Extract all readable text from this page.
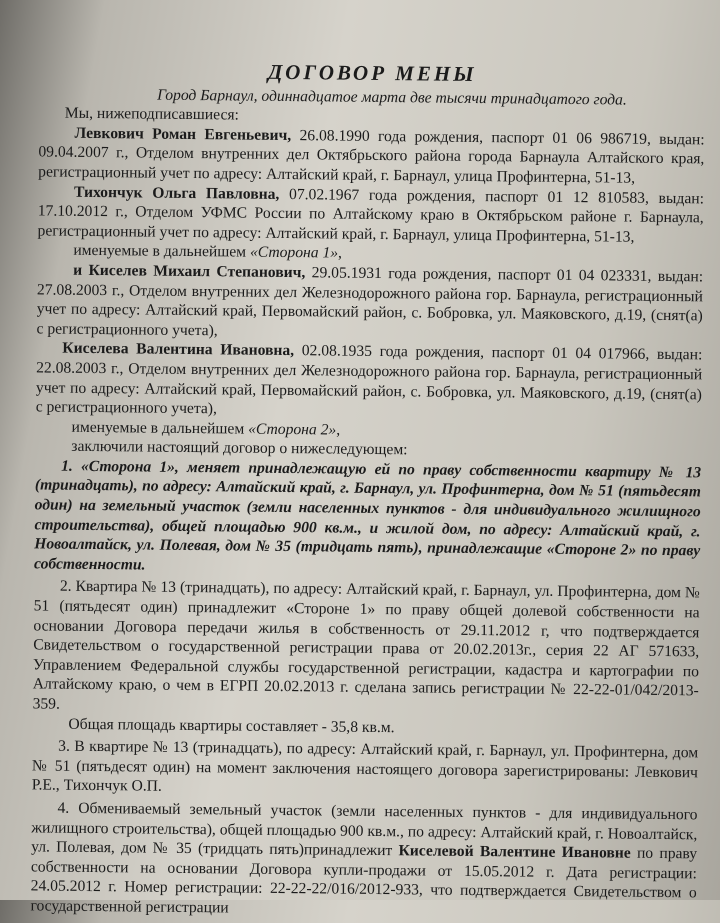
ДОГОВОР МЕНЫ

Город Барнаул, одиннадцатое марта две тысячи тринадцатого года.

Мы, нижеподписавшиеся:

Левкович Роман Евгеньевич, 26.08.1990 года рождения, паспорт 01 06 986719, выдан: 09.04.2007 г., Отделом внутренних дел Октябрьского района города Барнаула Алтайского края, регистрационный учет по адресу: Алтайский край, г. Барнаул, улица Профинтерна, 51-13,

Тихончук Ольга Павловна, 07.02.1967 года рождения, паспорт 01 12 810583, выдан: 17.10.2012 г., Отделом УФМС России по Алтайскому краю в Октябрьском районе г. Барнаула, регистрационный учет по адресу: Алтайский край, г. Барнаул, улица Профинтерна, 51-13,

именуемые в дальнейшем «Сторона 1»,

и Киселев Михаил Степанович, 29.05.1931 года рождения, паспорт 01 04 023331, выдан: 27.08.2003 г., Отделом внутренних дел Железнодорожного района гор. Барнаула, регистрационный учет по адресу: Алтайский край, Первомайский район, с. Бобровка, ул. Маяковского, д.19, (снят(а) с регистрационного учета),

Киселева Валентина Ивановна, 02.08.1935 года рождения, паспорт 01 04 017966, выдан: 22.08.2003 г., Отделом внутренних дел Железнодорожного района гор. Барнаула, регистрационный учет по адресу: Алтайский край, Первомайский район, с. Бобровка, ул. Маяковского, д.19, (снят(а) с регистрационного учета),

именуемые в дальнейшем «Сторона 2»,

заключили настоящий договор о нижеследующем:

1. «Сторона 1», меняет принадлежащую ей по праву собственности квартиру № 13 (тринадцать), по адресу: Алтайский край, г. Барнаул, ул. Профинтерна, дом № 51 (пятьдесят один) на земельный участок (земли населенных пунктов - для индивидуального жилищного строительства), общей площадью 900 кв.м., и жилой дом, по адресу: Алтайский край, г. Новоалтайск, ул. Полевая, дом № 35 (тридцать пять), принадлежащие «Стороне 2» по праву собственности.

2. Квартира № 13 (тринадцать), по адресу: Алтайский край, г. Барнаул, ул. Профинтерна, дом № 51 (пятьдесят один) принадлежит «Стороне 1» по праву общей долевой собственности на основании Договора передачи жилья в собственность от 29.11.2012 г, что подтверждается Свидетельством о государственной регистрации права от 20.02.2013г., серия 22 АГ 571633, Управлением Федеральной службы государственной регистрации, кадастра и картографии по Алтайскому краю, о чем в ЕГРП 20.02.2013 г. сделана запись регистрации № 22-22-01/042/2013-359.

Общая площадь квартиры составляет - 35,8 кв.м.

3. В квартире № 13 (тринадцать), по адресу: Алтайский край, г. Барнаул, ул. Профинтерна, дом № 51 (пятьдесят один) на момент заключения настоящего договора зарегистрированы: Левкович Р.Е., Тихончук О.П.

4. Обмениваемый земельный участок (земли населенных пунктов - для индивидуального жилищного строительства), общей площадью 900 кв.м., по адресу: Алтайский край, г. Новоалтайск, ул. Полевая, дом № 35 (тридцать пять)принадлежит Киселевой Валентине Ивановне по праву собственности на основании Договора купли-продажи от 15.05.2012 г. Дата регистрации: 24.05.2012 г. Номер регистрации: 22-22-22/016/2012-933, что подтверждается Свидетельством о государственной регистрации
